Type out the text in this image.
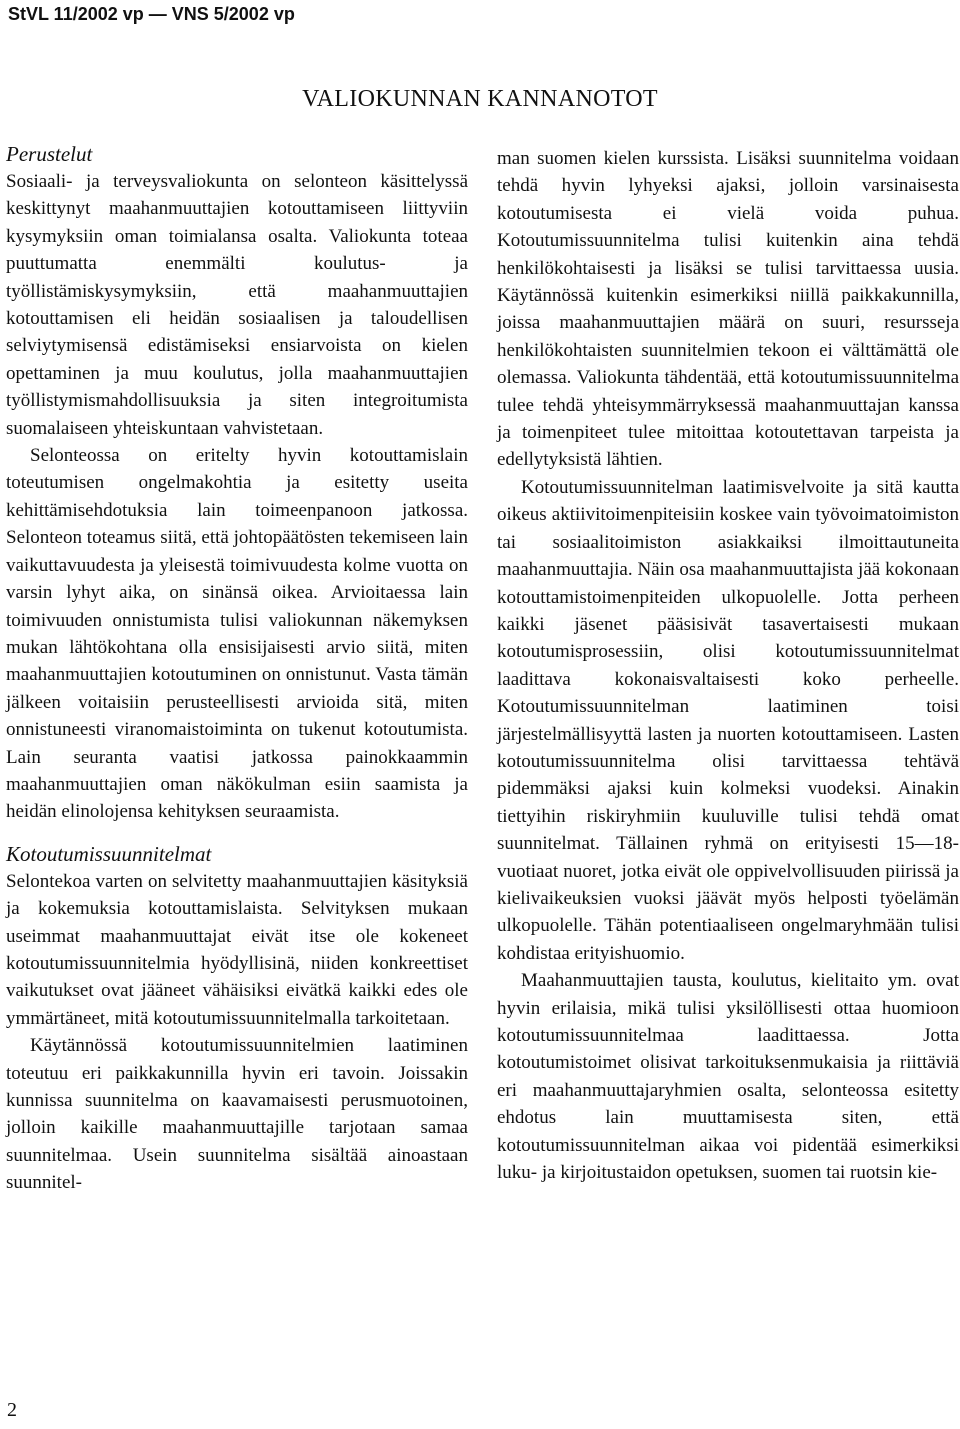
StVL 11/2002 vp — VNS 5/2002 vp
VALIOKUNNAN KANNANOTOT
Perustelut

Sosiaali- ja terveysvaliokunta on selonteon käsittelyssä keskittynyt maahanmuuttajien kotouttamiseen liittyviin kysymyksiin oman toimialansa osalta. Valiokunta toteaa puuttumatta enemmälti koulutus- ja työllistämiskysymyksiin, että maahanmuuttajien kotouttamisen eli heidän sosiaalisen ja taloudellisen selviytymisensä edistämiseksi ensiarvoista on kielen opettaminen ja muu koulutus, jolla maahanmuuttajien työllistymismahdollisuuksia ja siten integroitumista suomalaiseen yhteiskuntaan vahvistetaan.

Selonteossa on eritelty hyvin kotouttamislain toteutumisen ongelmakohtia ja esitetty useita kehittämisehdotuksia lain toimeenpanoon jatkossa. Selonteon toteamus siitä, että johtopäätösten tekemiseen lain vaikuttavuudesta ja yleisestä toimivuudesta kolme vuotta on varsin lyhyt aika, on sinänsä oikea. Arvioitaessa lain toimivuuden onnistumista tulisi valiokunnan näkemyksen mukan lähtökohtana olla ensisijaisesti arvio siitä, miten maahanmuuttajien kotoutuminen on onnistunut. Vasta tämän jälkeen voitaisiin perusteellisesti arvioida sitä, miten onnistuneesti viranomaistoiminta on tukenut kotoutumista. Lain seuranta vaatisi jatkossa painokkaammin maahanmuuttajien oman näkökulman esiin saamista ja heidän elinolojensa kehityksen seuraamista.

Kotoutumissuunnitelmat

Selontekoa varten on selvitetty maahanmuuttajien käsityksiä ja kokemuksia kotouttamislaista. Selvityksen mukaan useimmat maahanmuuttajat eivät itse ole kokeneet kotoutumissuunnitelmia hyödyllisinä, niiden konkreettiset vaikutukset ovat jääneet vähäisiksi eivätkä kaikki edes ole ymmärtäneet, mitä kotoutumissuunnitelmalla tarkoitetaan.

Käytännössä kotoutumissuunnitelmien laatiminen toteutuu eri paikkakunnilla hyvin eri tavoin. Joissakin kunnissa suunnitelma on kaavamaisesti perusmuotoinen, jolloin kaikille maahanmuuttajille tarjotaan samaa suunnitelmaa. Usein suunnitelma sisältää ainoastaan suunnitel-

man suomen kielen kurssista. Lisäksi suunnitelma voidaan tehdä hyvin lyhyeksi ajaksi, jolloin varsinaisesta kotoutumisesta ei vielä voida puhua. Kotoutumissuunnitelma tulisi kuitenkin aina tehdä henkilökohtaisesti ja lisäksi se tulisi tarvittaessa uusia. Käytännössä kuitenkin esimerkiksi niillä paikkakunnilla, joissa maahanmuuttajien määrä on suuri, resursseja henkilökohtaisten suunnitelmien tekoon ei välttämättä ole olemassa. Valiokunta tähdentää, että kotoutumissuunnitelma tulee tehdä yhteisymmärryksessä maahanmuuttajan kanssa ja toimenpiteet tulee mitoittaa kotoutettavan tarpeista ja edellytyksistä lähtien.

Kotoutumissuunnitelman laatimisvelvoite ja sitä kautta oikeus aktiivitoimenpiteisiin koskee vain työvoimatoimiston tai sosiaalitoimiston asiakkaiksi ilmoittautuneita maahanmuuttajia. Näin osa maahanmuuttajista jää kokonaan kotouttamistoimenpiteiden ulkopuolelle. Jotta perheen kaikki jäsenet pääsisivät tasavertaisesti mukaan kotoutumisprosessiin, olisi kotoutumissuunnitelmat laadittava kokonaisvaltaisesti koko perheelle. Kotoutumissuunnitelman laatiminen toisi järjestelmällisyyttä lasten ja nuorten kotouttamiseen. Lasten kotoutumissuunnitelma olisi tarvittaessa tehtävä pidemmäksi ajaksi kuin kolmeksi vuodeksi. Ainakin tiettyihin riskiryhmiin kuuluville tulisi tehdä omat suunnitelmat. Tällainen ryhmä on erityisesti 15—18-vuotiaat nuoret, jotka eivät ole oppivelvollisuuden piirissä ja kielivaikeuksien vuoksi jäävät myös helposti työelämän ulkopuolelle. Tähän potentiaaliseen ongelmaryhmään tulisi kohdistaa erityishuomio.

Maahanmuuttajien tausta, koulutus, kielitaito ym. ovat hyvin erilaisia, mikä tulisi yksilöllisesti ottaa huomioon kotoutumissuunnitelmaa laadittaessa. Jotta kotoutumistoimet olisivat tarkoituksenmukaisia ja riittäviä eri maahanmuuttajaryhmien osalta, selonteossa esitetty ehdotus lain muuttamisesta siten, että kotoutumissuunnitelman aikaa voi pidentää esimerkiksi luku- ja kirjoitustaidon opetuksen, suomen tai ruotsin kie-

2
